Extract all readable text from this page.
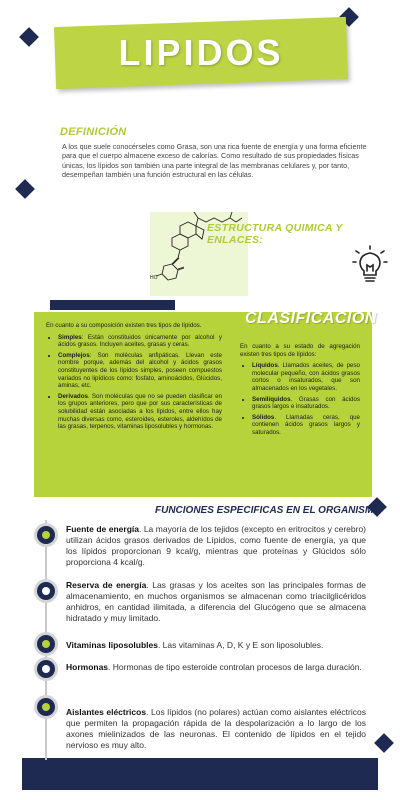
LIPIDOS
DEFINICIÓN
A los que suele conocérseles como Grasa, son una rica fuente de energía y una forma eficiente para que el cuerpo almacene exceso de calorías. Como resultado de sus propiedades físicas únicas, los lípidos son también una parte integral de las membranas celulares y, por tanto, desempeñan también una función estructural en las células.
HO
ESTRUCTURA QUIMICA Y ENLACES:
CLASIFICACION
En cuanto a su composición existen tres tipos de lípidos.
• Simples: Están constituidos únicamente por alcohol y ácidos grasos. Incluyen aceites, grasas y ceras.
• Complejos: Son moléculas anfipáticas. Llevan este nombre porque, además del alcohol y ácidos grasos constituyentes de los lípidos simples, poseen compuestos variados no lipídicos como: fosfato, aminoácidos, Glúcidos, aminas, etc.
• Derivados. Son moléculas que no se pueden clasificar en los grupos anteriores, pero que por sus características de solubilidad están asociadas a los lípidos, entre ellos hay muchas diversas como, esteroides, esteroles, aldehídos de las grasas, terpenos, vitaminas liposolubles y hormonas.
En cuanto a su estado de agregación existen tres tipos de lípidos:
• Líquidos. Llamados aceites, de peso molecular pequeño, con ácidos grasos cortos o insaturados, que son almacenados en los vegetales.
• Semilíquidos. Grasas con ácidos grasos largos e insaturados.
• Sólidos. Llamadas ceras, que contienen ácidos grasos largos y saturados.
FUNCIONES ESPECIFICAS EN EL ORGANISMO
Fuente de energía. La mayoría de los tejidos (excepto en eritrocitos y cerebro) utilizan ácidos grasos derivados de Lípidos, como fuente de energía, ya que los lípidos proporcionan 9 kcal/g, mientras que proteínas y Glúcidos sólo proporciona 4 kcal/g.
Reserva de energía. Las grasas y los aceites son las principales formas de almacenamiento, en muchos organismos se almacenan como triacilglicéridos anhidros, en cantidad ilimitada, a diferencia del Glucógeno que se almacena hidratado y muy limitado.
Vitaminas liposolubles. Las vitaminas A, D, K y E son liposolubles.
Hormonas. Hormonas de tipo esteroide controlan procesos de larga duración.
Aislantes eléctricos. Los lípidos (no polares) actúan como aislantes eléctricos que permiten la propagación rápida de la despolarización a lo largo de los axones mielinizados de las neuronas. El contenido de lípidos en el tejido nervioso es muy alto.
